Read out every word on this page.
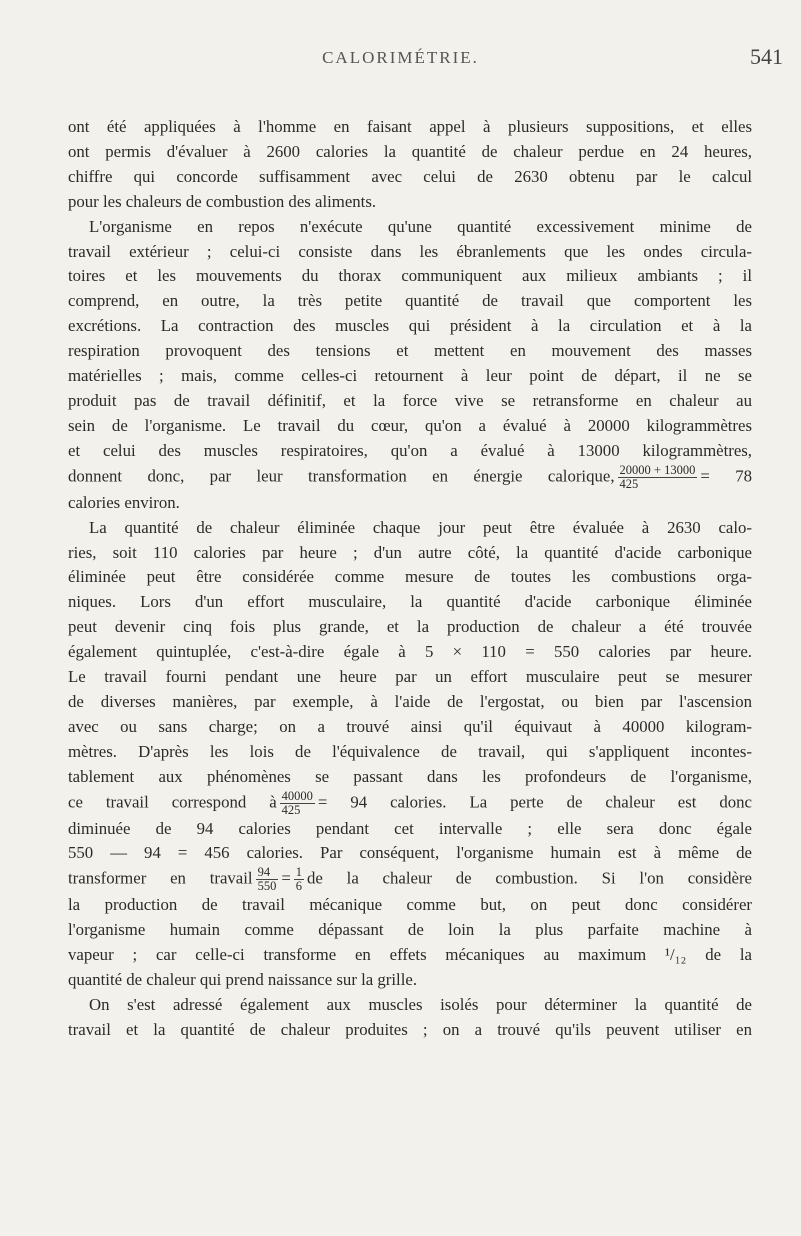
CALORIMÉTRIE.	541

ont été appliquées à l'homme en faisant appel à plusieurs suppositions, et elles
ont permis d'évaluer à 2600 calories la quantité de chaleur perdue en 24 heures,
chiffre qui concorde suffisamment avec celui de 2630 obtenu par le calcul
pour les chaleurs de combustion des aliments.

L'organisme en repos n'exécute qu'une quantité excessivement minime de
travail extérieur ; celui-ci consiste dans les ébranlements que les ondes circula-
toires et les mouvements du thorax communiquent aux milieux ambiants ; il
comprend, en outre, la très petite quantité de travail que comportent les
excrétions. La contraction des muscles qui président à la circulation et à la
respiration provoquent des tensions et mettent en mouvement des masses
matérielles ; mais, comme celles-ci retournent à leur point de départ, il ne se
produit pas de travail définitif, et la force vive se retransforme en chaleur au
sein de l'organisme. Le travail du cœur, qu'on a évalué à 20000 kilogrammètres
et celui des muscles respiratoires, qu'on a évalué à 13000 kilogrammètres,
donnent donc, par leur transformation en énergie calorique, $\frac{20000 + 13000}{425} = 78$
calories environ.

La quantité de chaleur éliminée chaque jour peut être évaluée à 2630 calo-
ries, soit 110 calories par heure ; d'un autre côté, la quantité d'acide carbonique
éliminée peut être considérée comme mesure de toutes les combustions orga-
niques. Lors d'un effort musculaire, la quantité d'acide carbonique éliminée
peut devenir cinq fois plus grande, et la production de chaleur a été trouvée
également quintuplée, c'est-à-dire égale à 5 × 110 = 550 calories par heure.
Le travail fourni pendant une heure par un effort musculaire peut se mesurer
de diverses manières, par exemple, à l'aide de l'ergostat, ou bien par l'ascension
avec ou sans charge; on a trouvé ainsi qu'il équivaut à 40000 kilogram-
mètres. D'après les lois de l'équivalence de travail, qui s'appliquent incontes-
tablement aux phénomènes se passant dans les profondeurs de l'organisme,
ce travail correspond à $\frac{40000}{425} = 94$ calories. La perte de chaleur est donc
diminuée de 94 calories pendant cet intervalle ; elle sera donc égale
550 — 94 = 456 calories. Par conséquent, l'organisme humain est à même de
transformer en travail $\frac{94}{550} = \frac{1}{6}$ de la chaleur de combustion. Si l'on considère
la production de travail mécanique comme but, on peut donc considérer
l'organisme humain comme dépassant de loin la plus parfaite machine à
vapeur ; car celle-ci transforme en effets mécaniques au maximum ¹/₁₂ de la
quantité de chaleur qui prend naissance sur la grille.

On s'est adressé également aux muscles isolés pour déterminer la quantité de
travail et la quantité de chaleur produites ; on a trouvé qu'ils peuvent utiliser en
